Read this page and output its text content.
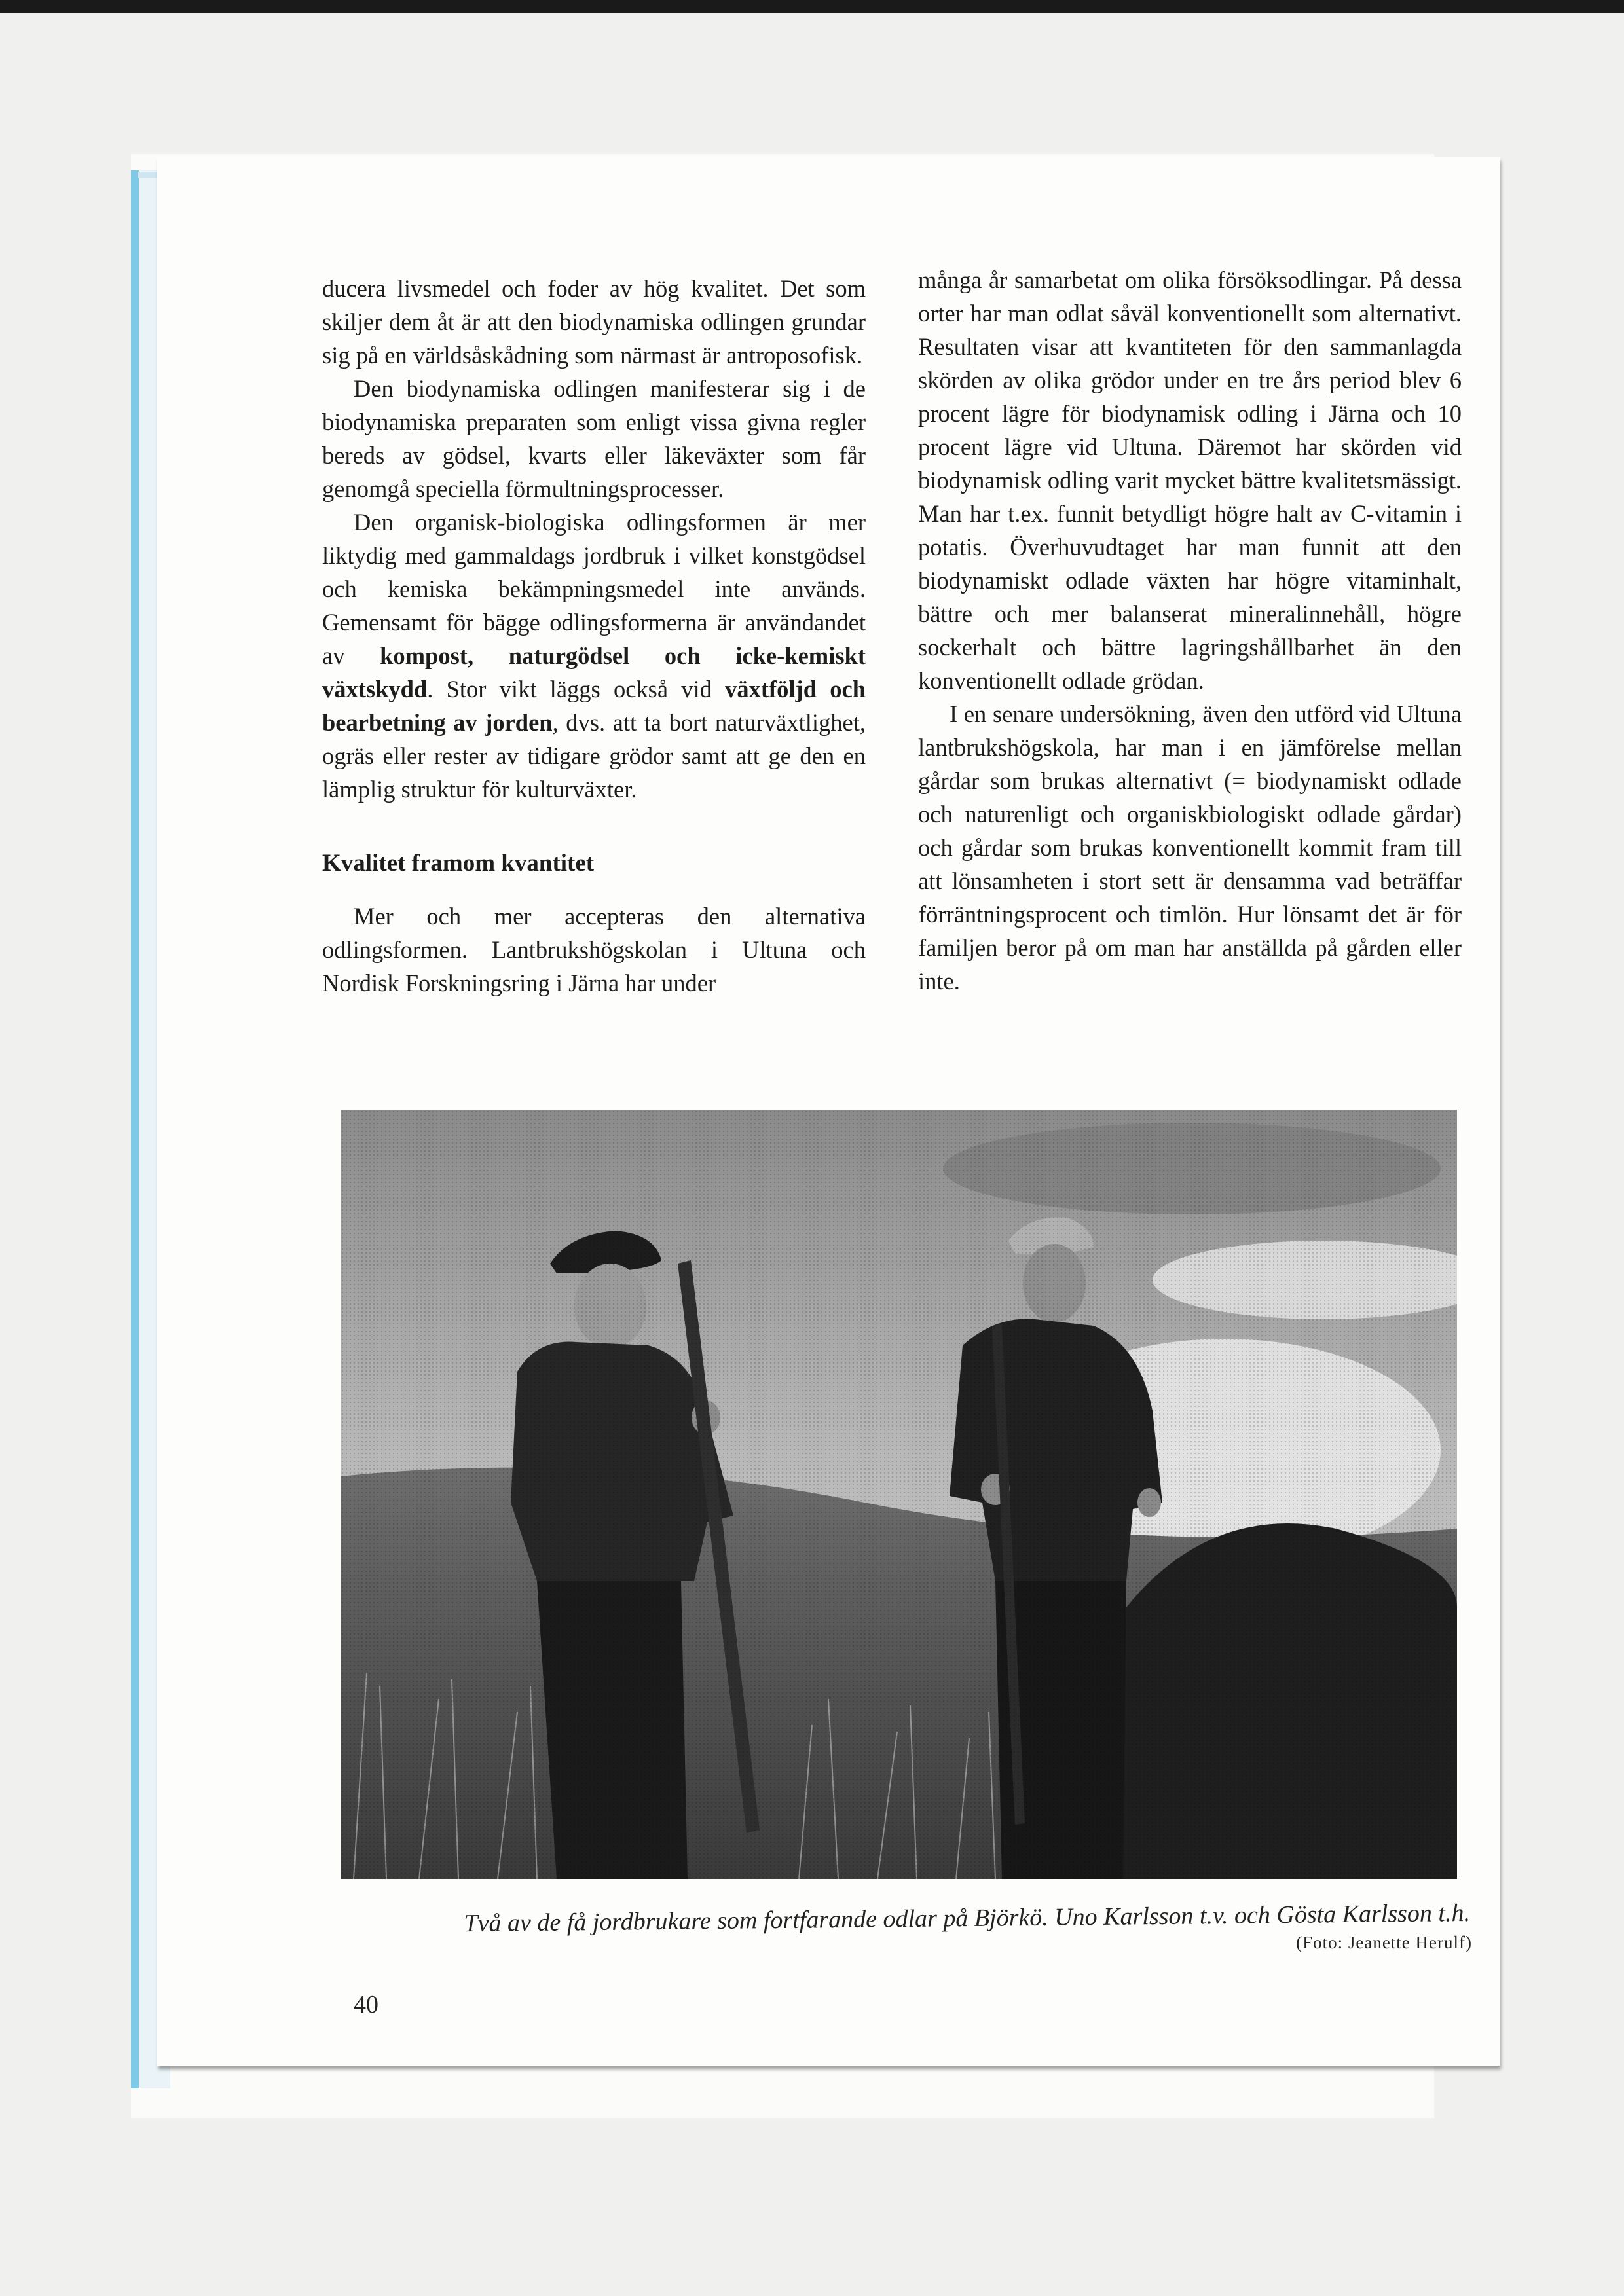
ducera livsmedel och foder av hög kvalitet. Det som skiljer dem åt är att den biodynamiska odlingen grundar sig på en världsåskådning som närmast är antroposofisk.

Den biodynamiska odlingen manifesterar sig i de biodynamiska preparaten som enligt vissa givna regler bereds av gödsel, kvarts eller läkeväxter som får genomgå speciella förmultningsprocesser.

Den organisk-biologiska odlingsformen är mer liktydig med gammaldags jordbruk i vilket konstgödsel och kemiska bekämpningsmedel inte används. Gemensamt för bägge odlingsformerna är användandet av kompost, naturgödsel och icke-kemiskt växtskydd. Stor vikt läggs också vid växtföljd och bearbetning av jorden, dvs. att ta bort naturväxtlighet, ogräs eller rester av tidigare grödor samt att ge den en lämplig struktur för kulturväxter.

Kvalitet framom kvantitet

Mer och mer accepteras den alternativa odlingsformen. Lantbrukshögskolan i Ultuna och Nordisk Forskningsring i Järna har under

många år samarbetat om olika försöksodlingar. På dessa orter har man odlat såväl konventionellt som alternativt. Resultaten visar att kvantiteten för den sammanlagda skörden av olika grödor under en tre års period blev 6 procent lägre för biodynamisk odling i Järna och 10 procent lägre vid Ultuna. Däremot har skörden vid biodynamisk odling varit mycket bättre kvalitetsmässigt. Man har t.ex. funnit betydligt högre halt av C-vitamin i potatis. Överhuvudtaget har man funnit att den biodynamiskt odlade växten har högre vitaminhalt, bättre och mer balanserat mineralinnehåll, högre sockerhalt och bättre lagringshållbarhet än den konventionellt odlade grödan.

I en senare undersökning, även den utförd vid Ultuna lantbrukshögskola, har man i en jämförelse mellan gårdar som brukas alternativt (= biodynamiskt odlade och naturenligt och organiskbiologiskt odlade gårdar) och gårdar som brukas konventionellt kommit fram till att lönsamheten i stort sett är densamma vad beträffar förräntningsprocent och timlön. Hur lönsamt det är för familjen beror på om man har anställda på gården eller inte.

Två av de få jordbrukare som fortfarande odlar på Björkö. Uno Karlsson t.v. och Gösta Karlsson t.h.
(Foto: Jeanette Herulf)
40
